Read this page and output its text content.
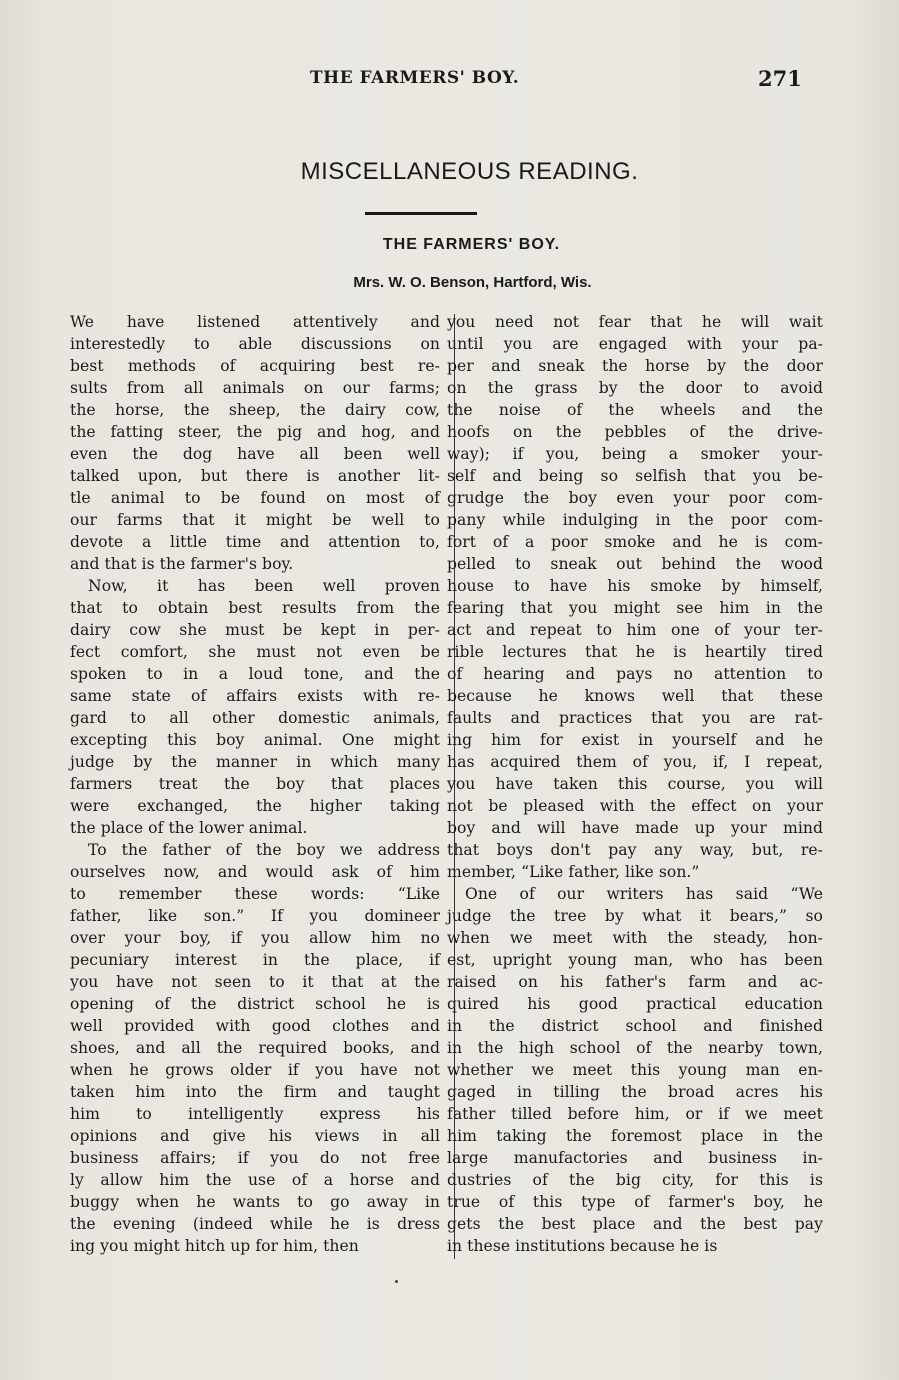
THE FARMERS' BOY.	271
MISCELLANEOUS READING.
THE FARMERS' BOY.
Mrs. W. O. Benson, Hartford, Wis.
We have listened attentively and
interestedly to able discussions on
best methods of acquiring best re-
sults from all animals on our farms;
the horse, the sheep, the dairy cow,
the fatting steer, the pig and hog, and
even the dog have all been well
talked upon, but there is another lit-
tle animal to be found on most of
our farms that it might be well to
devote a little time and attention to,
and that is the farmer's boy.
Now, it has been well proven
that to obtain best results from the
dairy cow she must be kept in per-
fect comfort, she must not even be
spoken to in a loud tone, and the
same state of affairs exists with re-
gard to all other domestic animals,
excepting this boy animal. One might
judge by the manner in which many
farmers treat the boy that places
were exchanged, the higher taking
the place of the lower animal.
To the father of the boy we address
ourselves now, and would ask of him
to remember these words: “Like
father, like son.” If you domineer
over your boy, if you allow him no
pecuniary interest in the place, if
you have not seen to it that at the
opening of the district school he is
well provided with good clothes and
shoes, and all the required books, and
when he grows older if you have not
taken him into the firm and taught
him to intelligently express his
opinions and give his views in all
business affairs; if you do not free
ly allow him the use of a horse and
buggy when he wants to go away in
the evening (indeed while he is dress
ing you might hitch up for him, then
you need not fear that he will wait
until you are engaged with your pa-
per and sneak the horse by the door
on the grass by the door to avoid
the noise of the wheels and the
hoofs on the pebbles of the drive-
way); if you, being a smoker your-
self and being so selfish that you be-
grudge the boy even your poor com-
pany while indulging in the poor com-
fort of a poor smoke and he is com-
pelled to sneak out behind the wood
house to have his smoke by himself,
fearing that you might see him in the
act and repeat to him one of your ter-
rible lectures that he is heartily tired
of hearing and pays no attention to
because he knows well that these
faults and practices that you are rat-
ing him for exist in yourself and he
has acquired them of you, if, I repeat,
you have taken this course, you will
not be pleased with the effect on your
boy and will have made up your mind
that boys don't pay any way, but, re-
member, “Like father, like son.”
One of our writers has said “We
judge the tree by what it bears,” so
when we meet with the steady, hon-
est, upright young man, who has been
raised on his father's farm and ac-
quired his good practical education
in the district school and finished
in the high school of the nearby town,
whether we meet this young man en-
gaged in tilling the broad acres his
father tilled before him, or if we meet
him taking the foremost place in the
large manufactories and business in-
dustries of the big city, for this is
true of this type of farmer's boy, he
gets the best place and the best pay
in these institutions because he is
